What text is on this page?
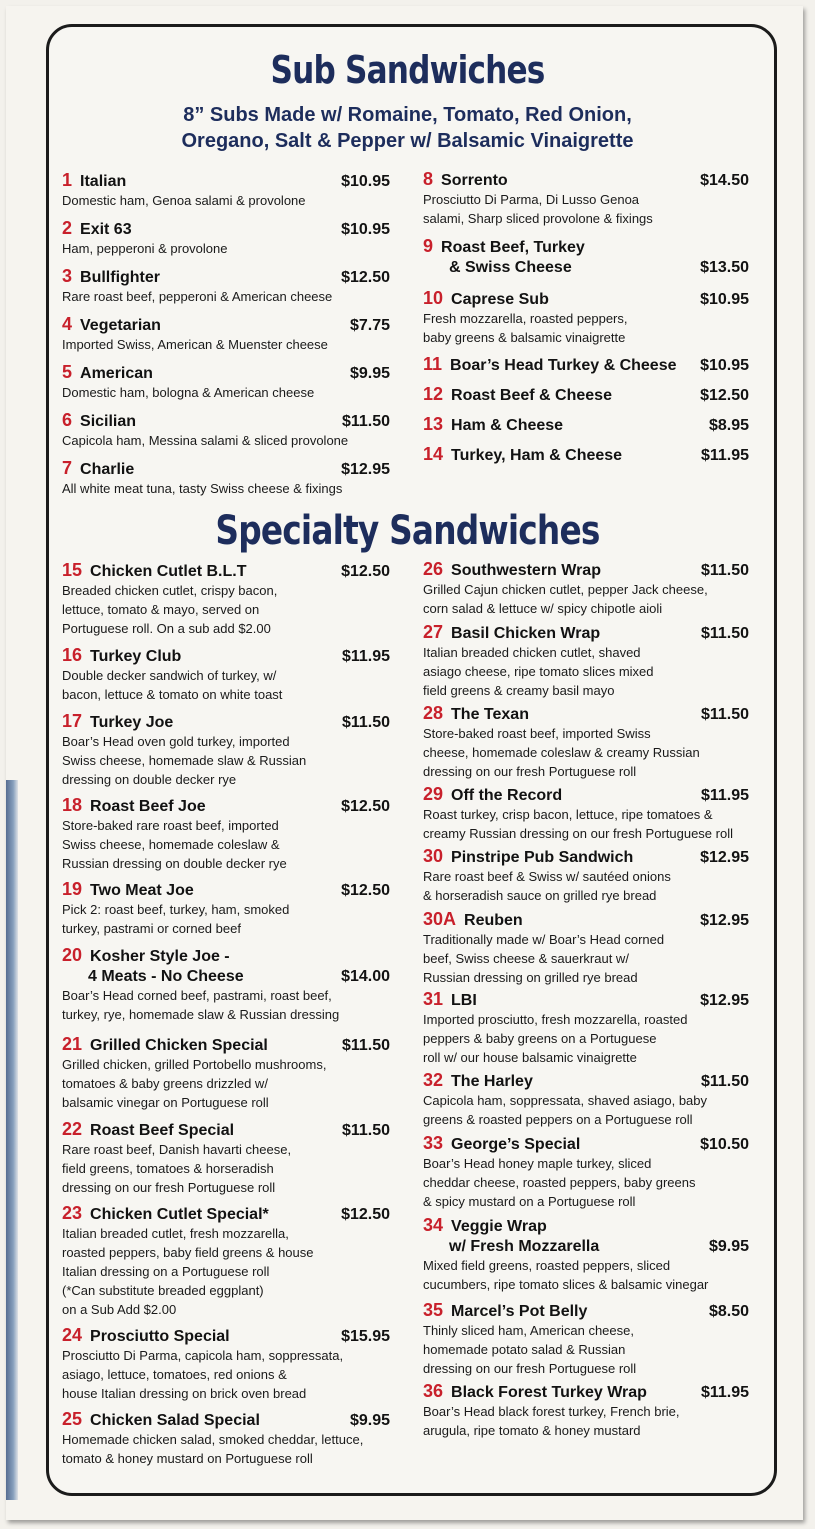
Sub Sandwiches
8” Subs Made w/ Romaine, Tomato, Red Onion,
Oregano, Salt & Pepper w/ Balsamic Vinaigrette
Specialty Sandwiches
1 Italian	$10.95
Domestic ham, Genoa salami & provolone
2 Exit 63	$10.95
Ham, pepperoni & provolone
3 Bullfighter	$12.50
Rare roast beef, pepperoni & American cheese
4 Vegetarian	$7.75
Imported Swiss, American & Muenster cheese
5 American	$9.95
Domestic ham, bologna & American cheese
6 Sicilian	$11.50
Capicola ham, Messina salami & sliced provolone
7 Charlie	$12.95
All white meat tuna, tasty Swiss cheese & fixings
8 Sorrento	$14.50
Prosciutto Di Parma, Di Lusso Genoa
salami, Sharp sliced provolone & fixings
9 Roast Beef, Turkey
& Swiss Cheese	$13.50
10 Caprese Sub	$10.95
Fresh mozzarella, roasted peppers,
baby greens & balsamic vinaigrette
11 Boar’s Head Turkey & Cheese $10.95
12 Roast Beef & Cheese	$12.50
13 Ham & Cheese	$8.95
14 Turkey, Ham & Cheese	$11.95
15 Chicken Cutlet B.L.T	$12.50
Breaded chicken cutlet, crispy bacon,
lettuce, tomato & mayo, served on
Portuguese roll. On a sub add $2.00
16 Turkey Club	$11.95
Double decker sandwich of turkey, w/
bacon, lettuce & tomato on white toast
17 Turkey Joe	$11.50
Boar’s Head oven gold turkey, imported
Swiss cheese, homemade slaw & Russian
dressing on double decker rye
18 Roast Beef Joe	$12.50
Store-baked rare roast beef, imported
Swiss cheese, homemade coleslaw &
Russian dressing on double decker rye
19 Two Meat Joe	$12.50
Pick 2: roast beef, turkey, ham, smoked
turkey, pastrami or corned beef
20 Kosher Style Joe -
4 Meats - No Cheese	$14.00
Boar’s Head corned beef, pastrami, roast beef,
turkey, rye, homemade slaw & Russian dressing
21 Grilled Chicken Special	$11.50
Grilled chicken, grilled Portobello mushrooms,
tomatoes & baby greens drizzled w/
balsamic vinegar on Portuguese roll
22 Roast Beef Special	$11.50
Rare roast beef, Danish havarti cheese,
field greens, tomatoes & horseradish
dressing on our fresh Portuguese roll
23 Chicken Cutlet Special*	$12.50
Italian breaded cutlet, fresh mozzarella,
roasted peppers, baby field greens & house
Italian dressing on a Portuguese roll
(*Can substitute breaded eggplant)
on a Sub Add $2.00
24 Prosciutto Special	$15.95
Prosciutto Di Parma, capicola ham, soppressata,
asiago, lettuce, tomatoes, red onions &
house Italian dressing on brick oven bread
25 Chicken Salad Special	$9.95
Homemade chicken salad, smoked cheddar, lettuce,
tomato & honey mustard on Portuguese roll
26 Southwestern Wrap	$11.50
Grilled Cajun chicken cutlet, pepper Jack cheese,
corn salad & lettuce w/ spicy chipotle aioli
27 Basil Chicken Wrap	$11.50
Italian breaded chicken cutlet, shaved
asiago cheese, ripe tomato slices mixed
field greens & creamy basil mayo
28 The Texan	$11.50
Store-baked roast beef, imported Swiss
cheese, homemade coleslaw & creamy Russian
dressing on our fresh Portuguese roll
29 Off the Record	$11.95
Roast turkey, crisp bacon, lettuce, ripe tomatoes &
creamy Russian dressing on our fresh Portuguese roll
30 Pinstripe Pub Sandwich	$12.95
Rare roast beef & Swiss w/ sautéed onions
& horseradish sauce on grilled rye bread
30A Reuben	$12.95
Traditionally made w/ Boar’s Head corned
beef, Swiss cheese & sauerkraut w/
Russian dressing on grilled rye bread
31 LBI	$12.95
Imported prosciutto, fresh mozzarella, roasted
peppers & baby greens on a Portuguese
roll w/ our house balsamic vinaigrette
32 The Harley	$11.50
Capicola ham, soppressata, shaved asiago, baby
greens & roasted peppers on a Portuguese roll
33 George’s Special	$10.50
Boar’s Head honey maple turkey, sliced
cheddar cheese, roasted peppers, baby greens
& spicy mustard on a Portuguese roll
34 Veggie Wrap
w/ Fresh Mozzarella	$9.95
Mixed field greens, roasted peppers, sliced
cucumbers, ripe tomato slices & balsamic vinegar
35 Marcel’s Pot Belly	$8.50
Thinly sliced ham, American cheese,
homemade potato salad & Russian
dressing on our fresh Portuguese roll
36 Black Forest Turkey Wrap	$11.95
Boar’s Head black forest turkey, French brie,
arugula, ripe tomato & honey mustard
